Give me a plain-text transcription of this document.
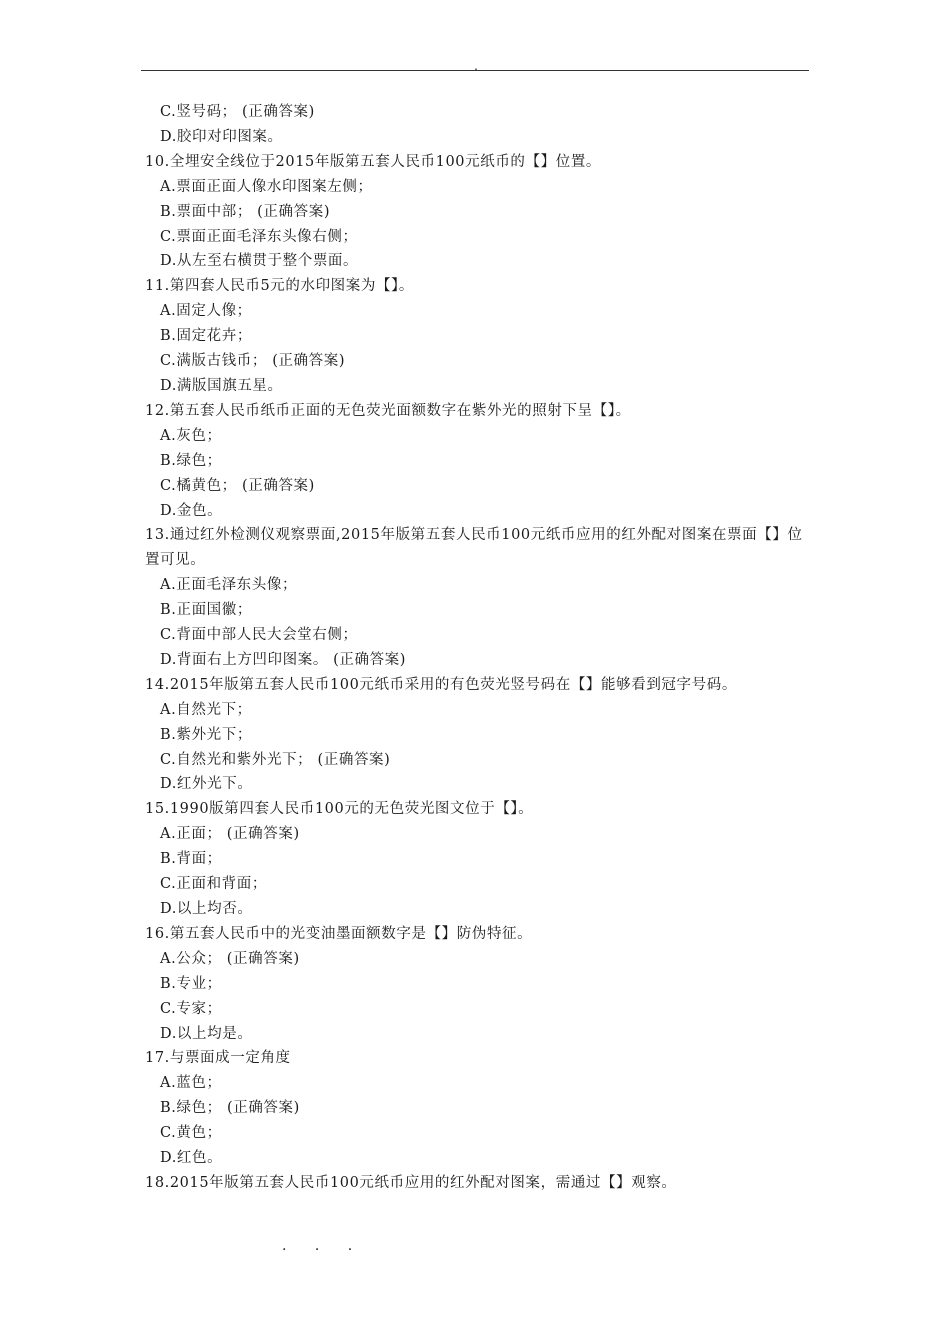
.
C.竖号码； (正确答案)
D.胶印对印图案。
10.全埋安全线位于2015年版第五套人民币100元纸币的【】位置。
A.票面正面人像水印图案左侧；
B.票面中部； (正确答案)
C.票面正面毛泽东头像右侧；
D.从左至右横贯于整个票面。
11.第四套人民币5元的水印图案为【】。
A.固定人像；
B.固定花卉；
C.满版古钱币； (正确答案)
D.满版国旗五星。
12.第五套人民币纸币正面的无色荧光面额数字在紫外光的照射下呈【】。
A.灰色；
B.绿色；
C.橘黄色； (正确答案)
D.金色。
13.通过红外检测仪观察票面,2015年版第五套人民币100元纸币应用的红外配对图案在票面【】位置可见。
A.正面毛泽东头像；
B.正面国徽；
C.背面中部人民大会堂右侧；
D.背面右上方凹印图案。 (正确答案)
14.2015年版第五套人民币100元纸币采用的有色荧光竖号码在【】能够看到冠字号码。
A.自然光下；
B.紫外光下；
C.自然光和紫外光下； (正确答案)
D.红外光下。
15.1990版第四套人民币100元的无色荧光图文位于【】。
A.正面； (正确答案)
B.背面；
C.正面和背面；
D.以上均否。
16.第五套人民币中的光变油墨面额数字是【】防伪特征。
A.公众； (正确答案)
B.专业；
C.专家；
D.以上均是。
17.与票面成一定角度
A.蓝色；
B.绿色； (正确答案)
C.黄色；
D.红色。
18.2015年版第五套人民币100元纸币应用的红外配对图案，需通过【】观察。
. . .
